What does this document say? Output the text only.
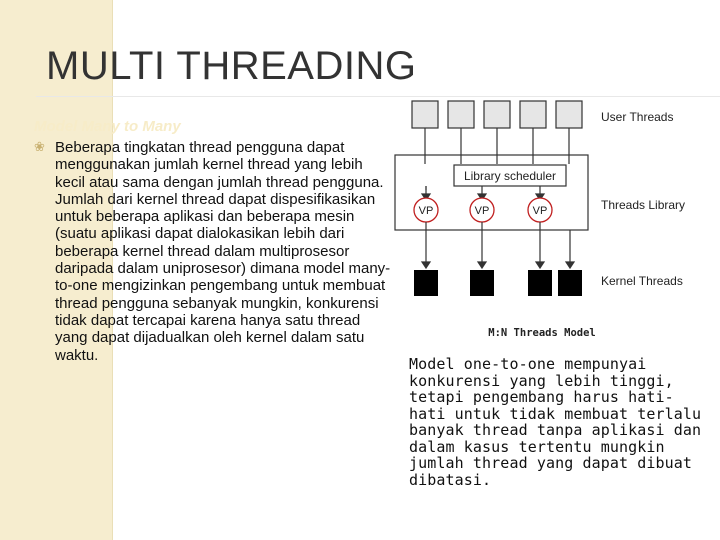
MULTI THREADING
Model Many to Many
❀ Beberapa tingkatan thread pengguna dapat menggunakan jumlah kernel thread yang lebih kecil atau sama dengan jumlah thread pengguna. Jumlah dari kernel thread dapat dispesifikasikan untuk beberapa aplikasi dan beberapa mesin (suatu aplikasi dapat dialokasikan lebih dari beberapa kernel thread dalam multiprosesor daripada dalam uniprosesor) dimana model many-to-one mengizinkan pengembang untuk membuat thread pengguna sebanyak mungkin, konkurensi tidak dapat tercapai karena hanya satu thread yang dapat dijadualkan oleh kernel dalam satu waktu.
Library scheduler
VP	VP	VP
User Threads
Threads Library
Kernel Threads
M:N Threads Model
Model one-to-one mempunyai konkurensi yang lebih tinggi, tetapi pengembang harus hati-hati untuk tidak membuat terlalu banyak thread tanpa aplikasi dan dalam kasus tertentu mungkin jumlah thread yang dapat dibuat dibatasi.
